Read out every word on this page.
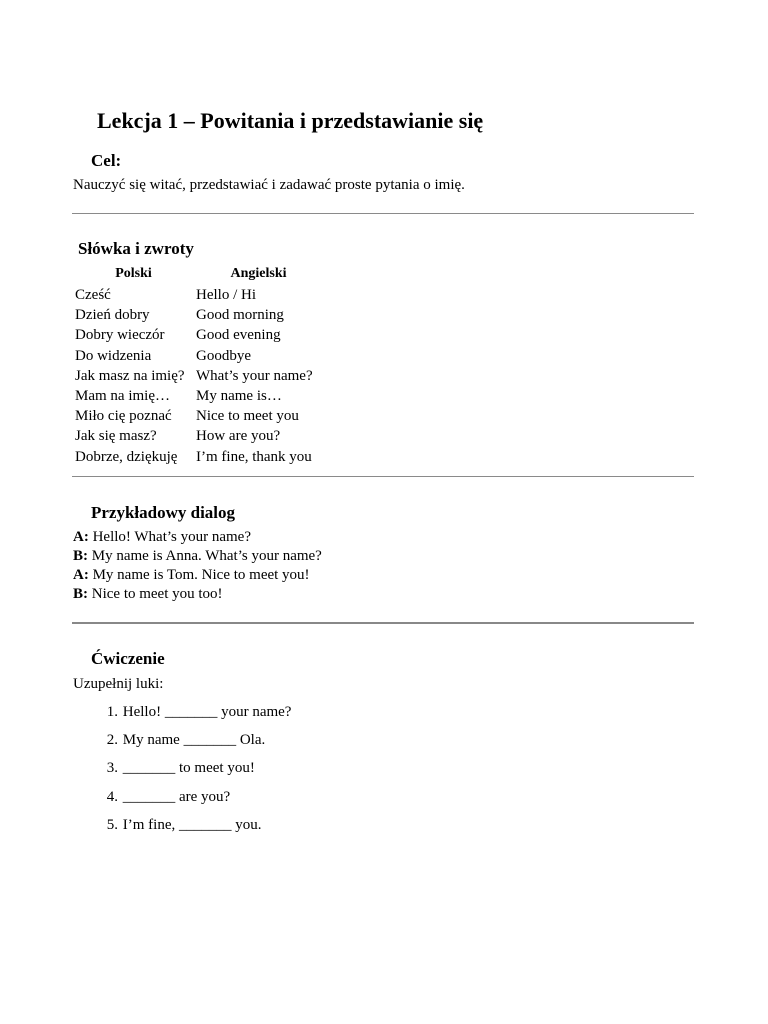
Lekcja 1 – Powitania i przedstawianie się
Cel:
Nauczyć się witać, przedstawiać i zadawać proste pytania o imię.
Słówka i zwroty
Polski	Angielski
Cześć	Hello / Hi
Dzień dobry	Good morning
Dobry wieczór	Good evening
Do widzenia	Goodbye
Jak masz na imię?	What’s your name?
Mam na imię…	My name is…
Miło cię poznać	Nice to meet you
Jak się masz?	How are you?
Dobrze, dziękuję	I’m fine, thank you
Przykładowy dialog
A: Hello! What’s your name?
B: My name is Anna. What’s your name?
A: My name is Tom. Nice to meet you!
B: Nice to meet you too!
Ćwiczenie
Uzupełnij luki:
1. Hello! _______ your name?
2. My name _______ Ola.
3. _______ to meet you!
4. _______ are you?
5. I’m fine, _______ you.
